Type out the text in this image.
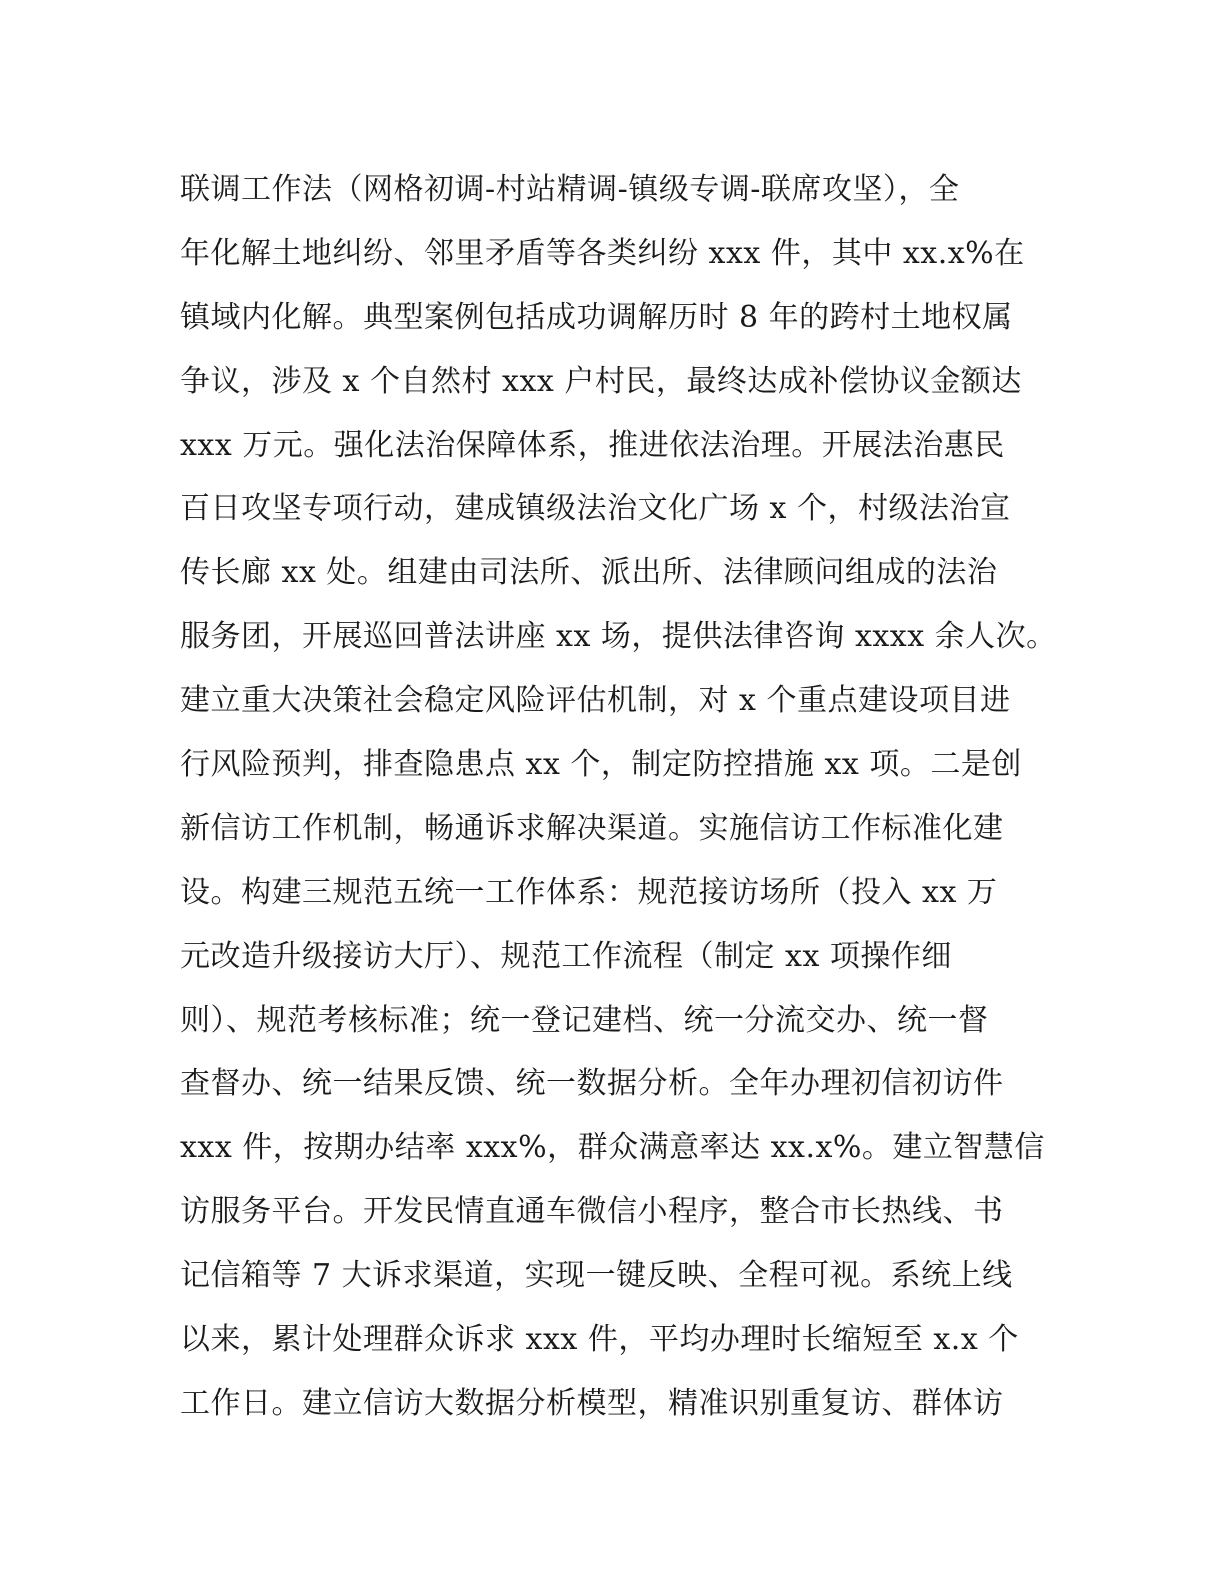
联调工作法（网格初调-村站精调-镇级专调-联席攻坚），全
年化解土地纠纷、邻里矛盾等各类纠纷 xxx 件，其中 xx.x%在
镇域内化解。典型案例包括成功调解历时 8 年的跨村土地权属
争议，涉及 x 个自然村 xxx 户村民，最终达成补偿协议金额达
xxx 万元。强化法治保障体系，推进依法治理。开展法治惠民
百日攻坚专项行动，建成镇级法治文化广场 x 个，村级法治宣
传长廊 xx 处。组建由司法所、派出所、法律顾问组成的法治
服务团，开展巡回普法讲座 xx 场，提供法律咨询 xxxx 余人次。
建立重大决策社会稳定风险评估机制，对 x 个重点建设项目进
行风险预判，排查隐患点 xx 个，制定防控措施 xx 项。二是创
新信访工作机制，畅通诉求解决渠道。实施信访工作标准化建
设。构建三规范五统一工作体系：规范接访场所（投入 xx 万
元改造升级接访大厅）、规范工作流程（制定 xx 项操作细
则）、规范考核标准；统一登记建档、统一分流交办、统一督
查督办、统一结果反馈、统一数据分析。全年办理初信初访件
xxx 件，按期办结率 xxx%，群众满意率达 xx.x%。建立智慧信
访服务平台。开发民情直通车微信小程序，整合市长热线、书
记信箱等 7 大诉求渠道，实现一键反映、全程可视。系统上线
以来，累计处理群众诉求 xxx 件，平均办理时长缩短至 x.x 个
工作日。建立信访大数据分析模型，精准识别重复访、群体访
